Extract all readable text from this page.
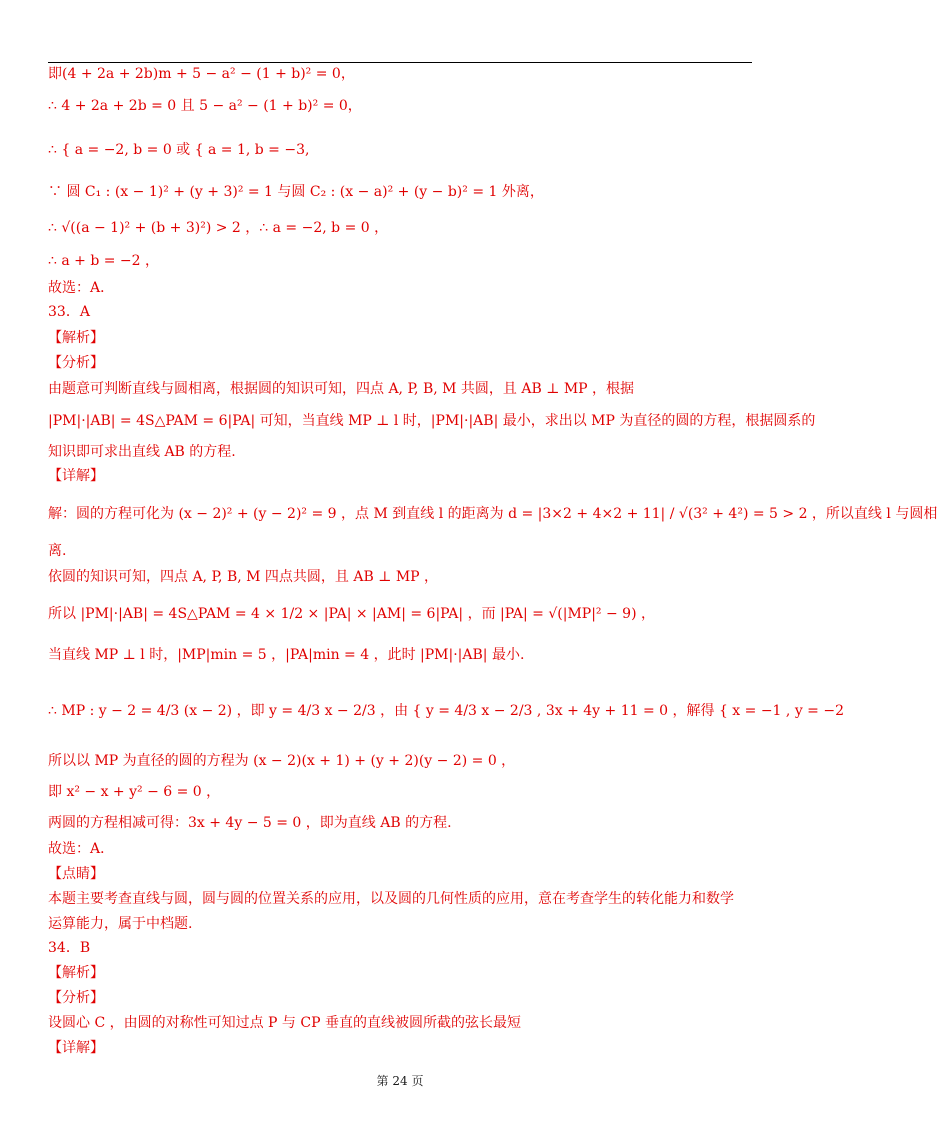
即(4 + 2a + 2b)m + 5 − a² − (1 + b)² = 0，
∴ 4 + 2a + 2b = 0 且 5 − a² − (1 + b)² = 0，
∴ { a = −2, b = 0 或 { a = 1, b = −3,
∵ 圆 C₁ : (x − 1)² + (y + 3)² = 1 与圆 C₂ : (x − a)² + (y − b)² = 1 外离，
∴ √((a − 1)² + (b + 3)²) > 2 ，∴ a = −2, b = 0 ，
∴ a + b = −2 ，
故选：A．
33．A
【解析】
【分析】
由题意可判断直线与圆相离，根据圆的知识可知，四点 A, P, B, M 共圆，且 AB ⊥ MP ，根据
|PM|·|AB| = 4S△PAM = 6|PA| 可知，当直线 MP ⊥ l 时，|PM|·|AB| 最小，求出以 MP 为直径的圆的方程，根据圆系的
知识即可求出直线 AB 的方程.
【详解】
解：圆的方程可化为 (x − 2)² + (y − 2)² = 9 ，点 M 到直线 l 的距离为 d = |3×2 + 4×2 + 11| / √(3² + 4²) = 5 > 2 ，所以直线 l 与圆相
离.
依圆的知识可知，四点 A, P, B, M 四点共圆，且 AB ⊥ MP ，
所以 |PM|·|AB| = 4S△PAM = 4 × 1/2 × |PA| × |AM| = 6|PA| ，而 |PA| = √(|MP|² − 9) ，
当直线 MP ⊥ l 时，|MP|min = 5 ，|PA|min = 4 ，此时 |PM|·|AB| 最小.
∴ MP : y − 2 = 4/3 (x − 2) ，即 y = 4/3 x − 2/3 ，由 { y = 4/3 x − 2/3 , 3x + 4y + 11 = 0 ，解得 { x = −1 , y = −2
所以以 MP 为直径的圆的方程为 (x − 2)(x + 1) + (y + 2)(y − 2) = 0 ，
即 x² − x + y² − 6 = 0 ，
两圆的方程相减可得：3x + 4y − 5 = 0 ，即为直线 AB 的方程.
故选：A．
【点睛】
本题主要考查直线与圆，圆与圆的位置关系的应用，以及圆的几何性质的应用，意在考查学生的转化能力和数学
运算能力，属于中档题.
34．B
【解析】
【分析】
设圆心 C ，由圆的对称性可知过点 P 与 CP 垂直的直线被圆所截的弦长最短
【详解】
第 24 页
